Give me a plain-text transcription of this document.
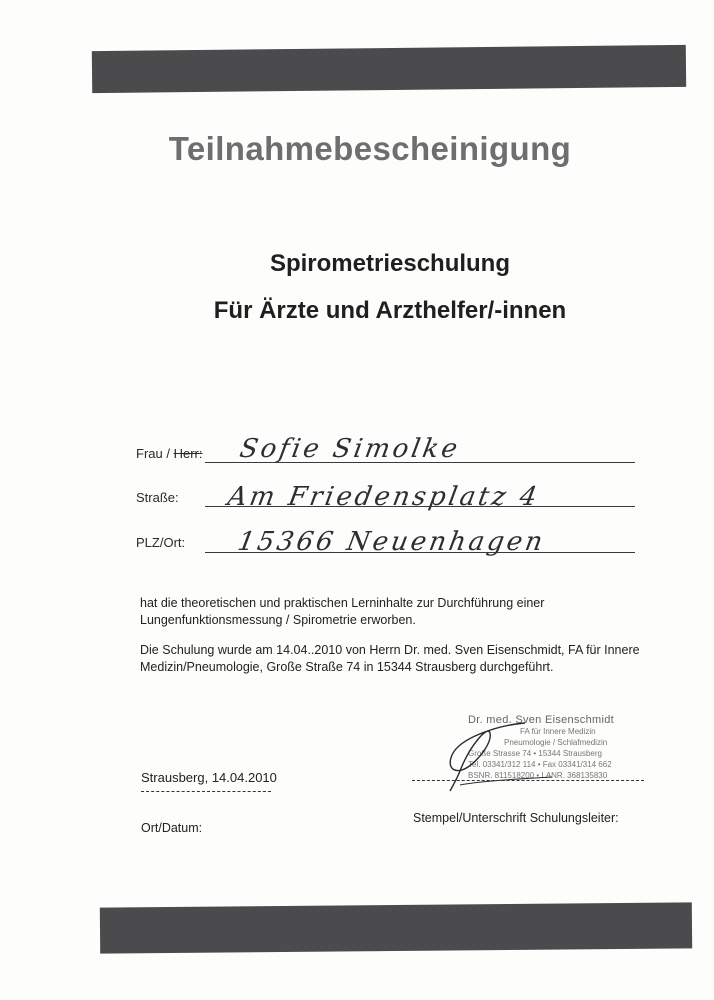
Teilnahmebescheinigung
Spirometrieschulung
Für Ärzte und Arzthelfer/-innen
Frau / Herr: Sofie Simolke
Straße: Am Friedensplatz 4
PLZ/Ort: 15366 Neuenhagen
hat die theoretischen und praktischen Lerninhalte zur Durchführung einer Lungenfunktionsmessung / Spirometrie erworben.
Die Schulung wurde am 14.04..2010 von Herrn Dr. med. Sven Eisenschmidt, FA für Innere Medizin/Pneumologie, Große Straße 74 in 15344 Strausberg durchgeführt.
Dr. med. Sven Eisenschmidt
FA für Innere Medizin
Pneumologie / Schlafmedizin
Große Strasse 74 • 15344 Strausberg
Tel. 03341/312 114 • Fax 03341/314 662
BSNR. 811518200 • LANR. 368135830
Strausberg, 14.04.2010
Ort/Datum:
Stempel/Unterschrift Schulungsleiter:
